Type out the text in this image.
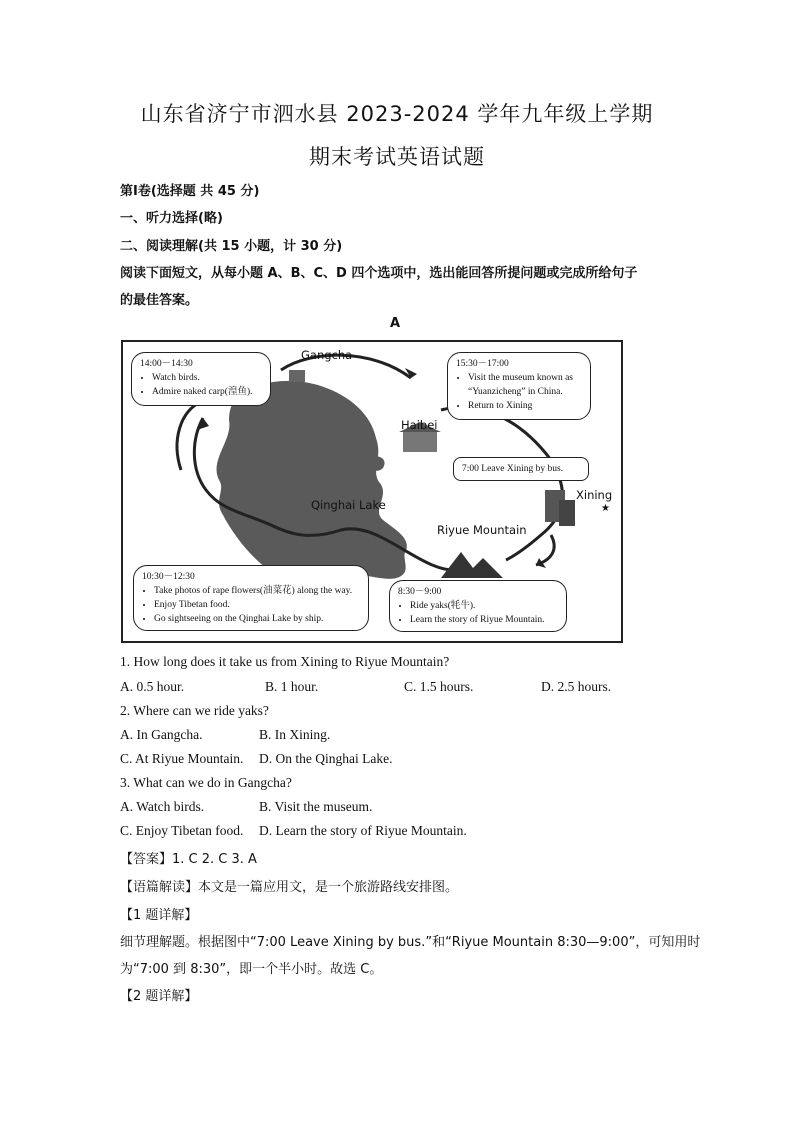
山东省济宁市泗水县 2023-2024 学年九年级上学期
期末考试英语试题
第Ⅰ卷(选择题 共 45 分)
一、听力选择(略)
二、阅读理解(共 15 小题，计 30 分)
阅读下面短文，从每小题 A、B、C、D 四个选项中，选出能回答所提问题或完成所给句子
的最佳答案。
A
Gangcha
Haibei
Xining
Qinghai Lake
Riyue Mountain
★
14:00－14:30
• Watch birds.
• Admire naked carp(湟鱼).
15:30－17:00
• Visit the museum known as
“Yuanzicheng” in China.
• Return to Xining
7:00 Leave Xining by bus.
10:30－12:30
• Take photos of rape flowers(油菜花) along the way.
• Enjoy Tibetan food.
• Go sightseeing on the Qinghai Lake by ship.
8:30－9:00
• Ride yaks(牦牛).
• Learn the story of Riyue Mountain.
1. How long does it take us from Xining to Riyue Mountain?
A. 0.5 hour.	B. 1 hour.	C. 1.5 hours.	D. 2.5 hours.
2. Where can we ride yaks?
A. In Gangcha.	B. In Xining.
C. At Riyue Mountain. D. On the Qinghai Lake.
3. What can we do in Gangcha?
A. Watch birds.	B. Visit the museum.
C. Enjoy Tibetan food. D. Learn the story of Riyue Mountain.
【答案】1. C 2. C 3. A
【语篇解读】本文是一篇应用文，是一个旅游路线安排图。
【1 题详解】
细节理解题。根据图中“7:00 Leave Xining by bus.”和“Riyue Mountain 8:30—9:00”，可知用时
为“7:00 到 8:30”，即一个半小时。故选 C。
【2 题详解】
